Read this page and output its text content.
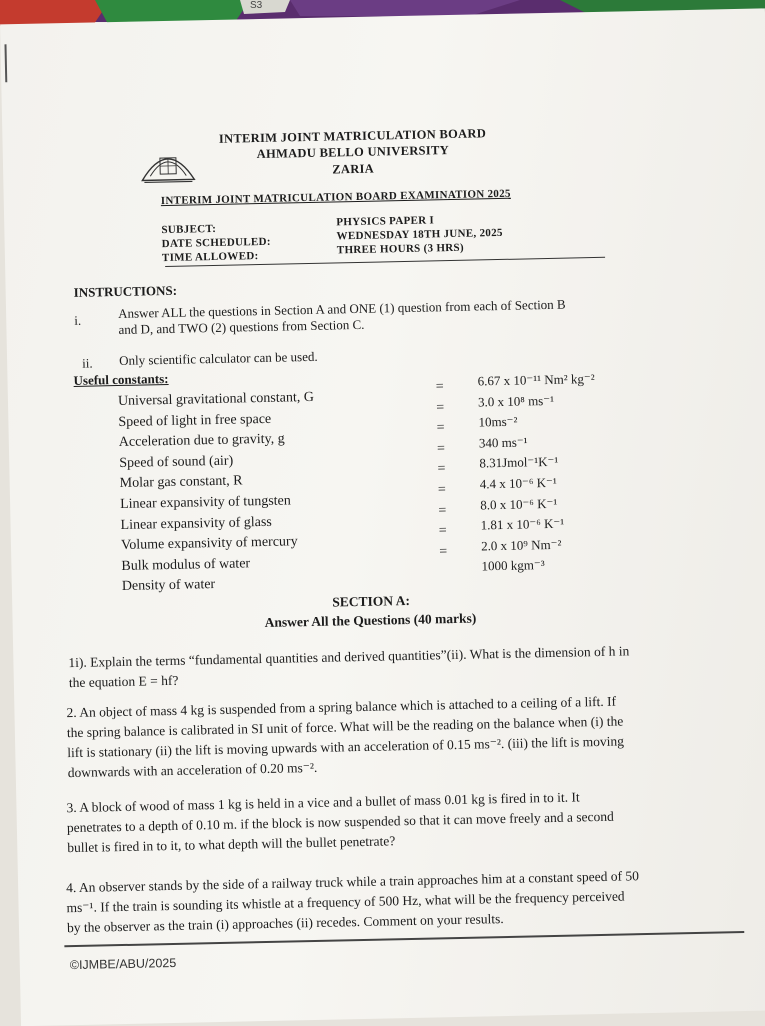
S3
INTERIM JOINT MATRICULATION BOARD
AHMADU BELLO UNIVERSITY
ZARIA
INTERIM JOINT MATRICULATION BOARD EXAMINATION 2025
SUBJECT:
DATE SCHEDULED:
TIME ALLOWED:
PHYSICS PAPER I
WEDNESDAY 18TH JUNE, 2025
THREE HOURS (3 HRS)
INSTRUCTIONS:
i.	Answer ALL the questions in Section A and ONE (1) question from each of Section B
and D, and TWO (2) questions from Section C.
ii. Only scientific calculator can be used.
Useful constants:
Universal gravitational constant, G
Speed of light in free space
Acceleration due to gravity, g
Speed of sound (air)
Molar gas constant, R
Linear expansivity of tungsten
Linear expansivity of glass
Volume expansivity of mercury
Bulk modulus of water
Density of water
=
=
=
=
=
=
=
=
=
6.67 x 10⁻¹¹ Nm² kg⁻²
3.0 x 10⁸ ms⁻¹
10ms⁻²
340 ms⁻¹
8.31Jmol⁻¹K⁻¹
4.4 x 10⁻⁶ K⁻¹
8.0 x 10⁻⁶ K⁻¹
1.81 x 10⁻⁶ K⁻¹
2.0 x 10⁹ Nm⁻²
1000 kgm⁻³
SECTION A:
Answer All the Questions (40 marks)
1i). Explain the terms “fundamental quantities and derived quantities”(ii). What is the dimension of h in
the equation E = hf?
2. An object of mass 4 kg is suspended from a spring balance which is attached to a ceiling of a lift. If
the spring balance is calibrated in SI unit of force. What will be the reading on the balance when (i) the
lift is stationary (ii) the lift is moving upwards with an acceleration of 0.15 ms⁻². (iii) the lift is moving
downwards with an acceleration of 0.20 ms⁻².
3. A block of wood of mass 1 kg is held in a vice and a bullet of mass 0.01 kg is fired in to it. It
penetrates to a depth of 0.10 m. if the block is now suspended so that it can move freely and a second
bullet is fired in to it, to what depth will the bullet penetrate?
4. An observer stands by the side of a railway truck while a train approaches him at a constant speed of 50
ms⁻¹. If the train is sounding its whistle at a frequency of 500 Hz, what will be the frequency perceived
by the observer as the train (i) approaches (ii) recedes. Comment on your results.
©IJMBE/ABU/2025
